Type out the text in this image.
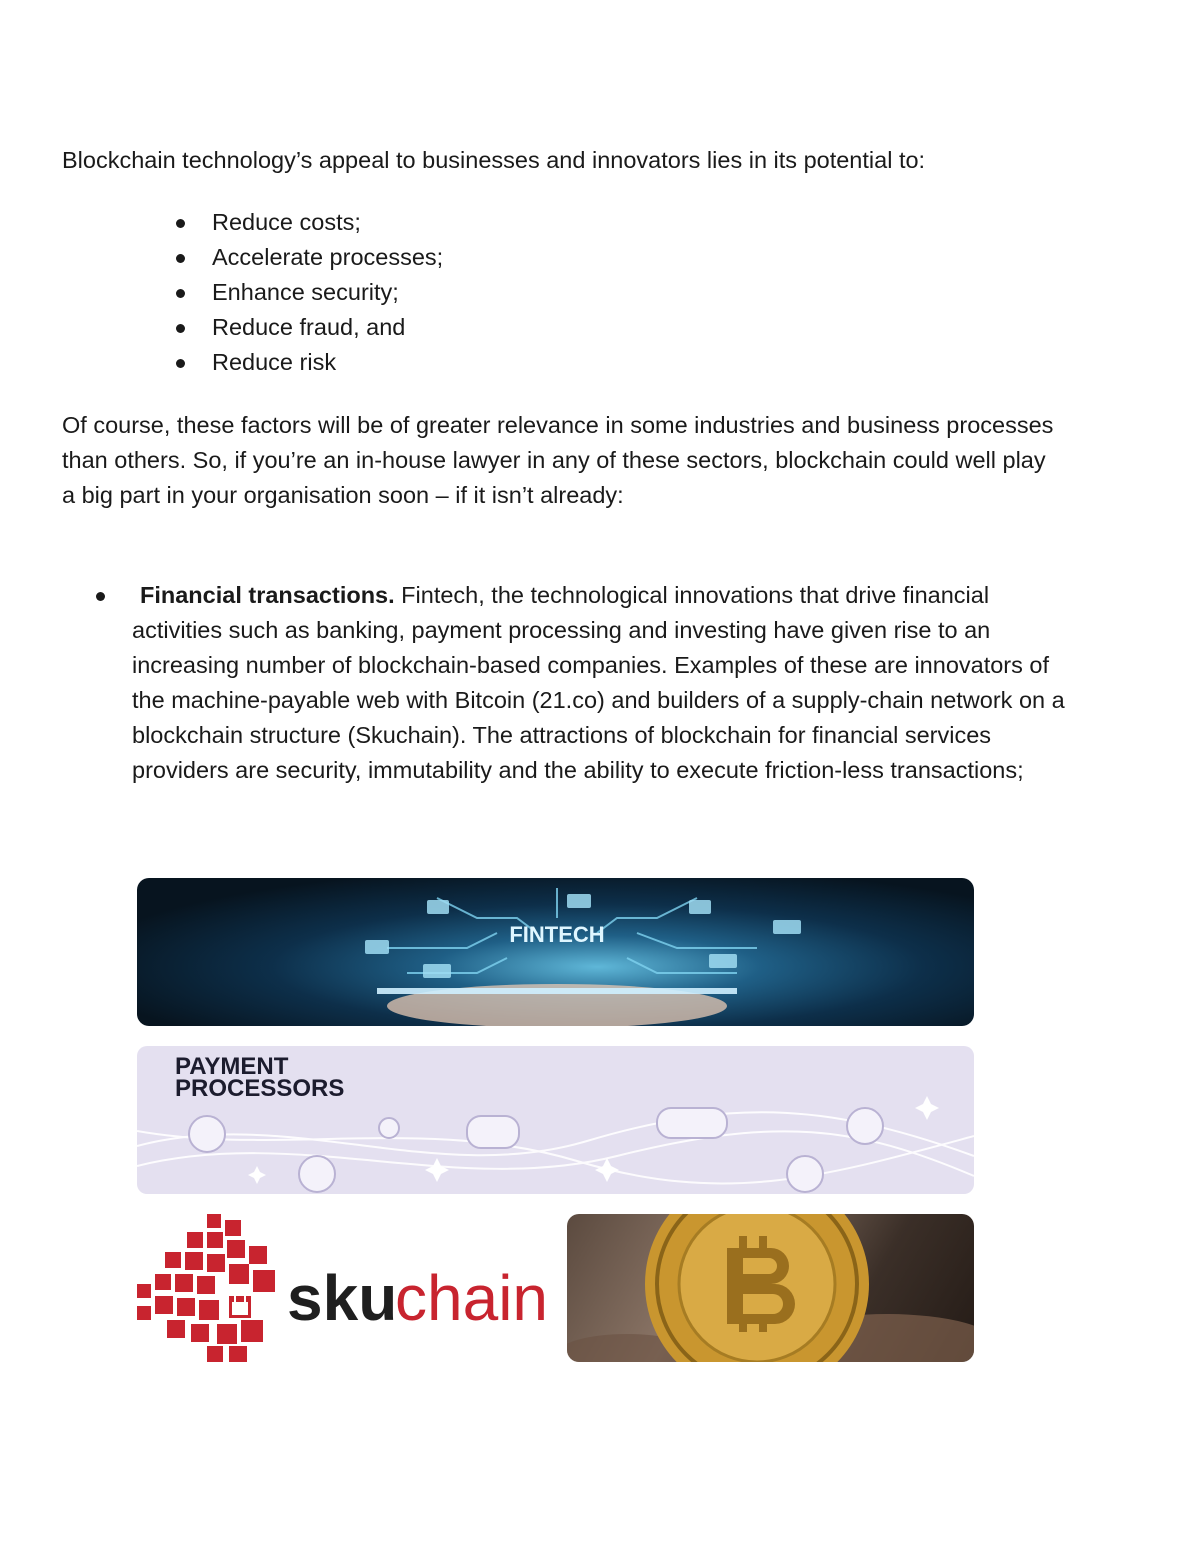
Blockchain technology’s appeal to businesses and innovators lies in its potential to:

Reduce costs;
Accelerate processes;
Enhance security;
Reduce fraud, and
Reduce risk

Of course, these factors will be of greater relevance in some industries and business processes than others. So, if you’re an in-house lawyer in any of these sectors, blockchain could well play a big part in your organisation soon – if it isn’t already:

Financial transactions. Fintech, the technological innovations that drive financial activities such as banking, payment processing and investing have given rise to an increasing number of blockchain-based companies. Examples of these are innovators of the machine-payable web with Bitcoin (21.co) and builders of a supply-chain network on a blockchain structure (Skuchain). The attractions of blockchain for financial services providers are security, immutability and the ability to execute friction-less transactions;
FINTECH
PAYMENT
PROCESSORS
sku
chain
